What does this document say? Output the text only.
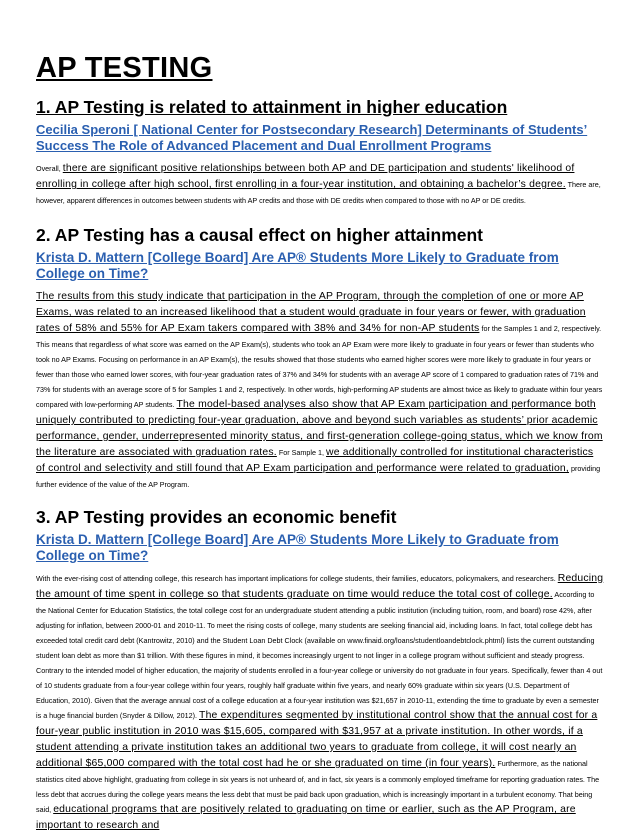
AP TESTING
1. AP Testing is related to attainment in higher education
Cecilia Speroni [ National Center for Postsecondary Research] Determinants of Students’ Success The Role of Advanced Placement and Dual Enrollment Programs

Overall, there are significant positive relationships between both AP and DE participation and students' likelihood of enrolling in college after high school, first enrolling in a four-year institution, and obtaining a bachelor’s degree. There are, however, apparent differences in outcomes between students with AP credits and those with DE credits when compared to those with no AP or DE credits.

2. AP Testing has a causal effect on higher attainment
Krista D. Mattern [College Board] Are AP® Students More Likely to Graduate from College on Time?

The results from this study indicate that participation in the AP Program, through the completion of one or more AP Exams, was related to an increased likelihood that a student would graduate in four years or fewer, with graduation rates of 58% and 55% for AP Exam takers compared with 38% and 34% for non-AP students for the Samples 1 and 2, respectively. This means that regardless of what score was earned on the AP Exam(s), students who took an AP Exam were more likely to graduate in four years or fewer than students who took no AP Exams. Focusing on performance in an AP Exam(s), the results showed that those students who earned higher scores were more likely to graduate in four years or fewer than those who earned lower scores, with four-year graduation rates of 37% and 34% for students with an average AP score of 1 compared to graduation rates of 71% and 73% for students with an average score of 5 for Samples 1 and 2, respectively. In other words, high-performing AP students are almost twice as likely to graduate within four years compared with low-performing AP students. The model-based analyses also show that AP Exam participation and performance both uniquely contributed to predicting four-year graduation, above and beyond such variables as students’ prior academic performance, gender, underrepresented minority status, and first-generation college-going status, which we know from the literature are associated with graduation rates. For Sample 1, we additionally controlled for institutional characteristics of control and selectivity and still found that AP Exam participation and performance were related to graduation, providing further evidence of the value of the AP Program.

3. AP Testing provides an economic benefit
Krista D. Mattern [College Board] Are AP® Students More Likely to Graduate from College on Time?

With the ever-rising cost of attending college, this research has important implications for college students, their families, educators, policymakers, and researchers. Reducing the amount of time spent in college so that students graduate on time would reduce the total cost of college. According to the National Center for Education Statistics, the total college cost for an undergraduate student attending a public institution (including tuition, room, and board) rose 42%, after adjusting for inflation, between 2000-01 and 2010-11. To meet the rising costs of college, many students are seeking financial aid, including loans. In fact, total college debt has exceeded total credit card debt (Kantrowitz, 2010) and the Student Loan Debt Clock (available on www.finaid.org/loans/studentloandebtclock.phtml) lists the current outstanding student loan debt as more than $1 trillion. With these figures in mind, it becomes increasingly urgent to not linger in a college program without sufficient and steady progress. Contrary to the intended model of higher education, the majority of students enrolled in a four-year college or university do not graduate in four years. Specifically, fewer than 4 out of 10 students graduate from a four-year college within four years, roughly half graduate within five years, and nearly 60% graduate within six years (U.S. Department of Education, 2010). Given that the average annual cost of a college education at a four-year institution was $21,657 in 2010-11, extending the time to graduate by even a semester is a huge financial burden (Snyder & Dillow, 2012). The expenditures segmented by institutional control show that the annual cost for a four-year public institution in 2010 was $15,605, compared with $31,957 at a private institution. In other words, if a student attending a private institution takes an additional two years to graduate from college, it will cost nearly an additional $65,000 compared with the total cost had he or she graduated on time (in four years). Furthermore, as the national statistics cited above highlight, graduating from college in six years is not unheard of, and in fact, six years is a commonly employed timeframe for reporting graduation rates. The less debt that accrues during the college years means the less debt that must be paid back upon graduation, which is increasingly important in a turbulent economy. That being said, educational programs that are positively related to graduating on time or earlier, such as the AP Program, are important to research and
